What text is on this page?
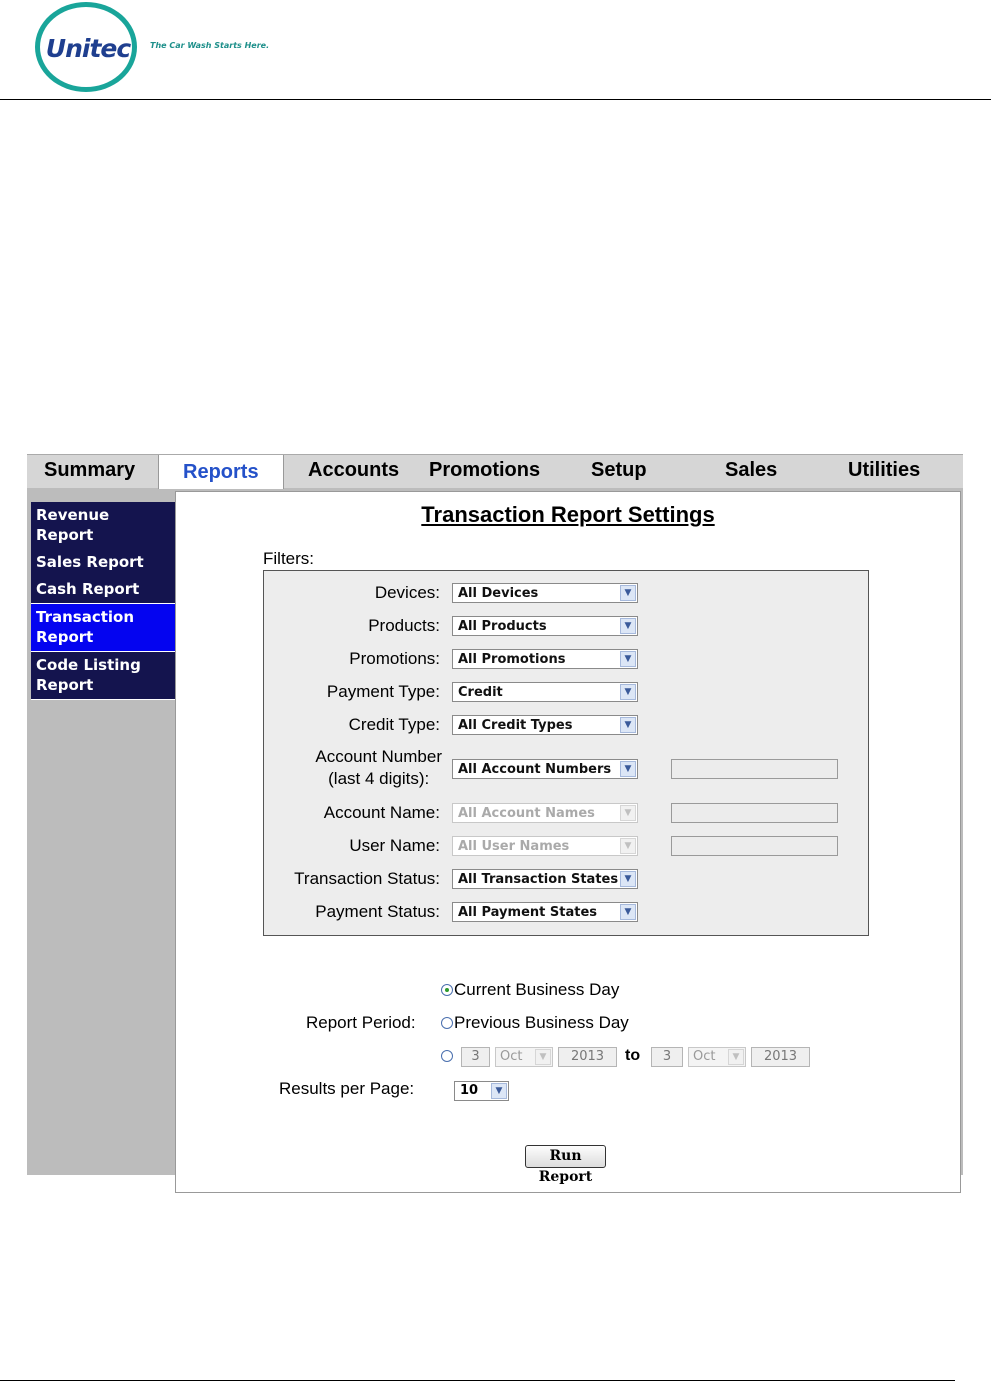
Unitec	The Car Wash Starts Here.
Summary	Reports	Accounts Promotions	Setup	Sales	Utilities
Revenue Report
Sales Report
Cash Report
Transaction Report
Code Listing Report
Transaction Report Settings
Filters:
Devices:	All Devices	▼
Products:	All Products	▼
Promotions:	All Promotions	▼
Payment Type:	Credit	▼
Credit Type:	All Credit Types	▼
Account Number
(last 4 digits):	All Account Numbers	▼
Account Name:	All Account Names	▼
User Name:	All User Names	▼
Transaction Status:	All Transaction States ▼
Payment Status:	All Payment States	▼
Current Business Day
Report Period: Previous Business Day
3	Oct	▼	2013	to	3	Oct	▼	2013
Results per Page:	10	▼
Run Report
